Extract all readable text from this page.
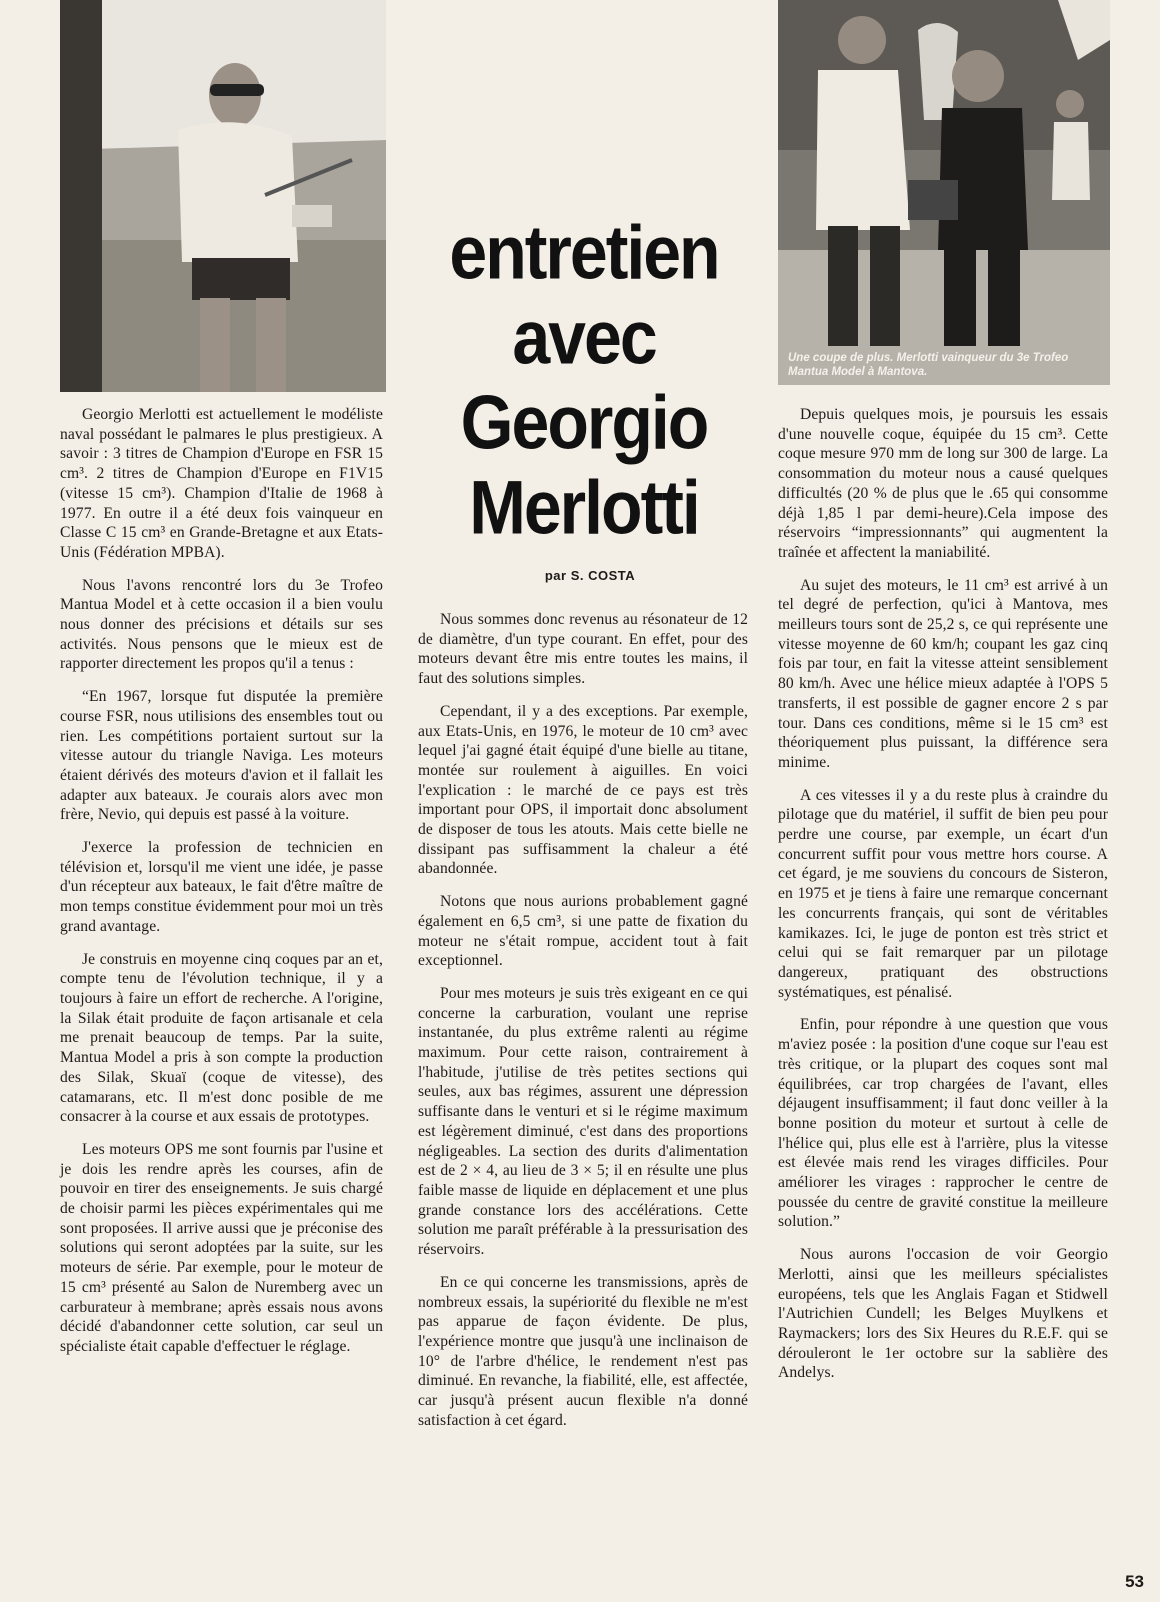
Une coupe de plus. Merlotti vainqueur du 3e Trofeo Mantua Model à Mantova.
entretien
avec
Georgio
Merlotti
par S. COSTA

Georgio Merlotti est actuellement le modéliste naval possédant le palmares le plus prestigieux. A savoir : 3 titres de Champion d'Europe en FSR 15 cm³. 2 titres de Champion d'Europe en F1V15 (vitesse 15 cm³). Champion d'Italie de 1968 à 1977. En outre il a été deux fois vainqueur en Classe C 15 cm³ en Grande-Bretagne et aux Etats-Unis (Fédération MPBA).

Nous l'avons rencontré lors du 3e Trofeo Mantua Model et à cette occasion il a bien voulu nous donner des précisions et détails sur ses activités. Nous pensons que le mieux est de rapporter directement les propos qu'il a tenus :

“En 1967, lorsque fut disputée la première course FSR, nous utilisions des ensembles tout ou rien. Les compétitions portaient surtout sur la vitesse autour du triangle Naviga. Les moteurs étaient dérivés des moteurs d'avion et il fallait les adapter aux bateaux. Je courais alors avec mon frère, Nevio, qui depuis est passé à la voiture.

J'exerce la profession de technicien en télévision et, lorsqu'il me vient une idée, je passe d'un récepteur aux bateaux, le fait d'être maître de mon temps constitue évidemment pour moi un très grand avantage.

Je construis en moyenne cinq coques par an et, compte tenu de l'évolution technique, il y a toujours à faire un effort de recherche. A l'origine, la Silak était produite de façon artisanale et cela me prenait beaucoup de temps. Par la suite, Mantua Model a pris à son compte la production des Silak, Skuaï (coque de vitesse), des catamarans, etc. Il m'est donc posible de me consacrer à la course et aux essais de prototypes.

Les moteurs OPS me sont fournis par l'usine et je dois les rendre après les courses, afin de pouvoir en tirer des enseignements. Je suis chargé de choisir parmi les pièces expérimentales qui me sont proposées. Il arrive aussi que je préconise des solutions qui seront adoptées par la suite, sur les moteurs de série. Par exemple, pour le moteur de 15 cm³ présenté au Salon de Nuremberg avec un carburateur à membrane; après essais nous avons décidé d'abandonner cette solution, car seul un spécialiste était capable d'effectuer le réglage.

Nous sommes donc revenus au résonateur de 12 de diamètre, d'un type courant. En effet, pour des moteurs devant être mis entre toutes les mains, il faut des solutions simples.

Cependant, il y a des exceptions. Par exemple, aux Etats-Unis, en 1976, le moteur de 10 cm³ avec lequel j'ai gagné était équipé d'une bielle au titane, montée sur roulement à aiguilles. En voici l'explication : le marché de ce pays est très important pour OPS, il importait donc absolument de disposer de tous les atouts. Mais cette bielle ne dissipant pas suffisamment la chaleur a été abandonnée.

Notons que nous aurions probablement gagné également en 6,5 cm³, si une patte de fixation du moteur ne s'était rompue, accident tout à fait exceptionnel.

Pour mes moteurs je suis très exigeant en ce qui concerne la carburation, voulant une reprise instantanée, du plus extrême ralenti au régime maximum. Pour cette raison, contrairement à l'habitude, j'utilise de très petites sections qui seules, aux bas régimes, assurent une dépression suffisante dans le venturi et si le régime maximum est légèrement diminué, c'est dans des proportions négligeables. La section des durits d'alimentation est de 2 × 4, au lieu de 3 × 5; il en résulte une plus faible masse de liquide en déplacement et une plus grande constance lors des accélérations. Cette solution me paraît préférable à la pressurisation des réservoirs.

En ce qui concerne les transmissions, après de nombreux essais, la supériorité du flexible ne m'est pas apparue de façon évidente. De plus, l'expérience montre que jusqu'à une inclinaison de 10° de l'arbre d'hélice, le rendement n'est pas diminué. En revanche, la fiabilité, elle, est affectée, car jusqu'à présent aucun flexible n'a donné satisfaction à cet égard.

Depuis quelques mois, je poursuis les essais d'une nouvelle coque, équipée du 15 cm³. Cette coque mesure 970 mm de long sur 300 de large. La consommation du moteur nous a causé quelques difficultés (20 % de plus que le .65 qui consomme déjà 1,85 l par demi-heure).Cela impose des réservoirs “impressionnants” qui augmentent la traînée et affectent la maniabilité.

Au sujet des moteurs, le 11 cm³ est arrivé à un tel degré de perfection, qu'ici à Mantova, mes meilleurs tours sont de 25,2 s, ce qui représente une vitesse moyenne de 60 km/h; coupant les gaz cinq fois par tour, en fait la vitesse atteint sensiblement 80 km/h. Avec une hélice mieux adaptée à l'OPS 5 transferts, il est possible de gagner encore 2 s par tour. Dans ces conditions, même si le 15 cm³ est théoriquement plus puissant, la différence sera minime.

A ces vitesses il y a du reste plus à craindre du pilotage que du matériel, il suffit de bien peu pour perdre une course, par exemple, un écart d'un concurrent suffit pour vous mettre hors course. A cet égard, je me souviens du concours de Sisteron, en 1975 et je tiens à faire une remarque concernant les concurrents français, qui sont de véritables kamikazes. Ici, le juge de ponton est très strict et celui qui se fait remarquer par un pilotage dangereux, pratiquant des obstructions systématiques, est pénalisé.

Enfin, pour répondre à une question que vous m'aviez posée : la position d'une coque sur l'eau est très critique, or la plupart des coques sont mal équilibrées, car trop chargées de l'avant, elles déjaugent insuffisamment; il faut donc veiller à la bonne position du moteur et surtout à celle de l'hélice qui, plus elle est à l'arrière, plus la vitesse est élevée mais rend les virages difficiles. Pour améliorer les virages : rapprocher le centre de poussée du centre de gravité constitue la meilleure solution.”

Nous aurons l'occasion de voir Georgio Merlotti, ainsi que les meilleurs spécialistes européens, tels que les Anglais Fagan et Stidwell l'Autrichien Cundell; les Belges Muylkens et Raymackers; lors des Six Heures du R.E.F. qui se dérouleront le 1er octobre sur la sablière des Andelys.

53
